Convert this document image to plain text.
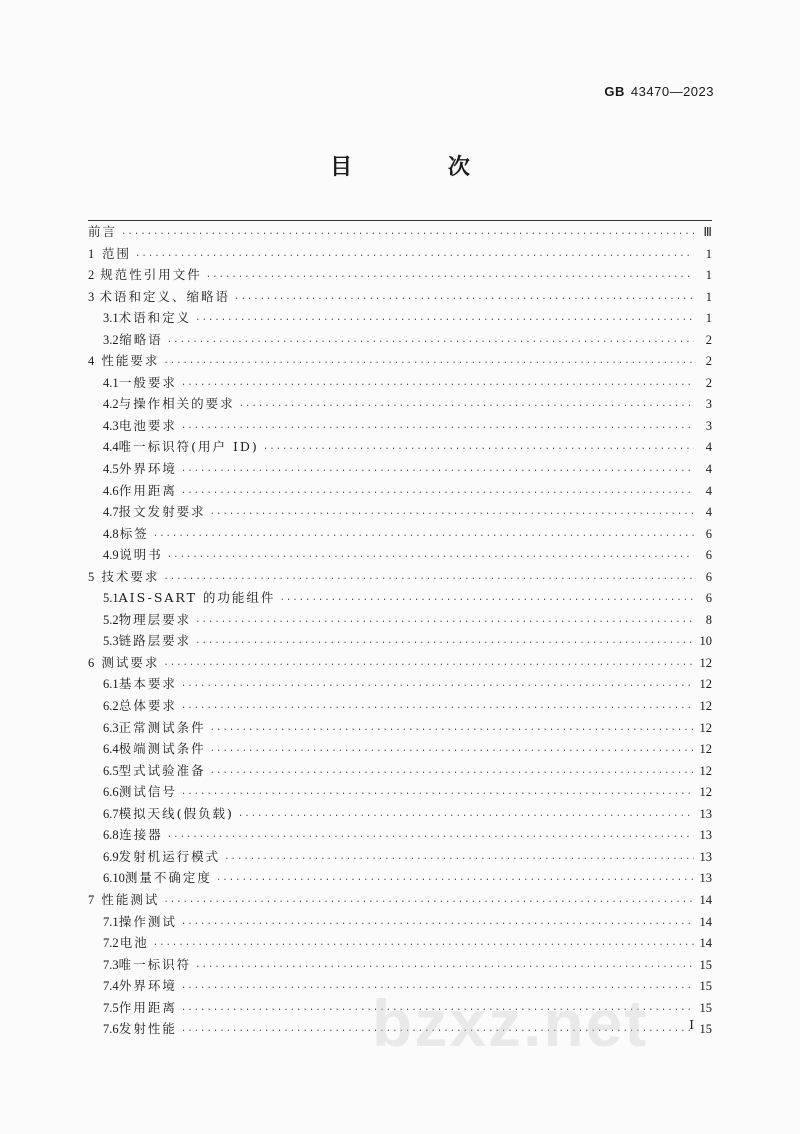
GB 43470—2023
目 次
前言 ·····	Ⅲ
1 范围 ·····	1
2 规范性引用文件 ·····	1
3 术语和定义、缩略语 ·····	1
3.1 术语和定义 ·····	1
3.2 缩略语 ·····	2
4 性能要求 ·····	2
4.1 一般要求 ·····	2
4.2 与操作相关的要求 ·····	3
4.3 电池要求 ·····	3
4.4 唯一标识符(用户 ID) ·····	4
4.5 外界环境 ·····	4
4.6 作用距离 ·····	4
4.7 报文发射要求 ·····	4
4.8 标签 ·····	6
4.9 说明书 ·····	6
5 技术要求 ·····	6
5.1 AIS-SART 的功能组件 ·····	6
5.2 物理层要求 ·····	8
5.3 链路层要求 ·····	10
6 测试要求 ·····	12
6.1 基本要求 ·····	12
6.2 总体要求 ·····	12
6.3 正常测试条件 ·····	12
6.4 极端测试条件 ·····	12
6.5 型式试验准备 ·····	12
6.6 测试信号 ·····	12
6.7 模拟天线(假负载) ·····	13
6.8 连接器 ·····	13
6.9 发射机运行模式 ·····	13
6.10 测量不确定度 ·····	13
7 性能测试 ·····	14
7.1 操作测试 ·····	14
7.2 电池 ·····	14
7.3 唯一标识符 ·····	15
7.4 外界环境 ·····	15
7.5 作用距离 ·····	15
7.6 发射性能 ·····	15
I
bzxz.net
